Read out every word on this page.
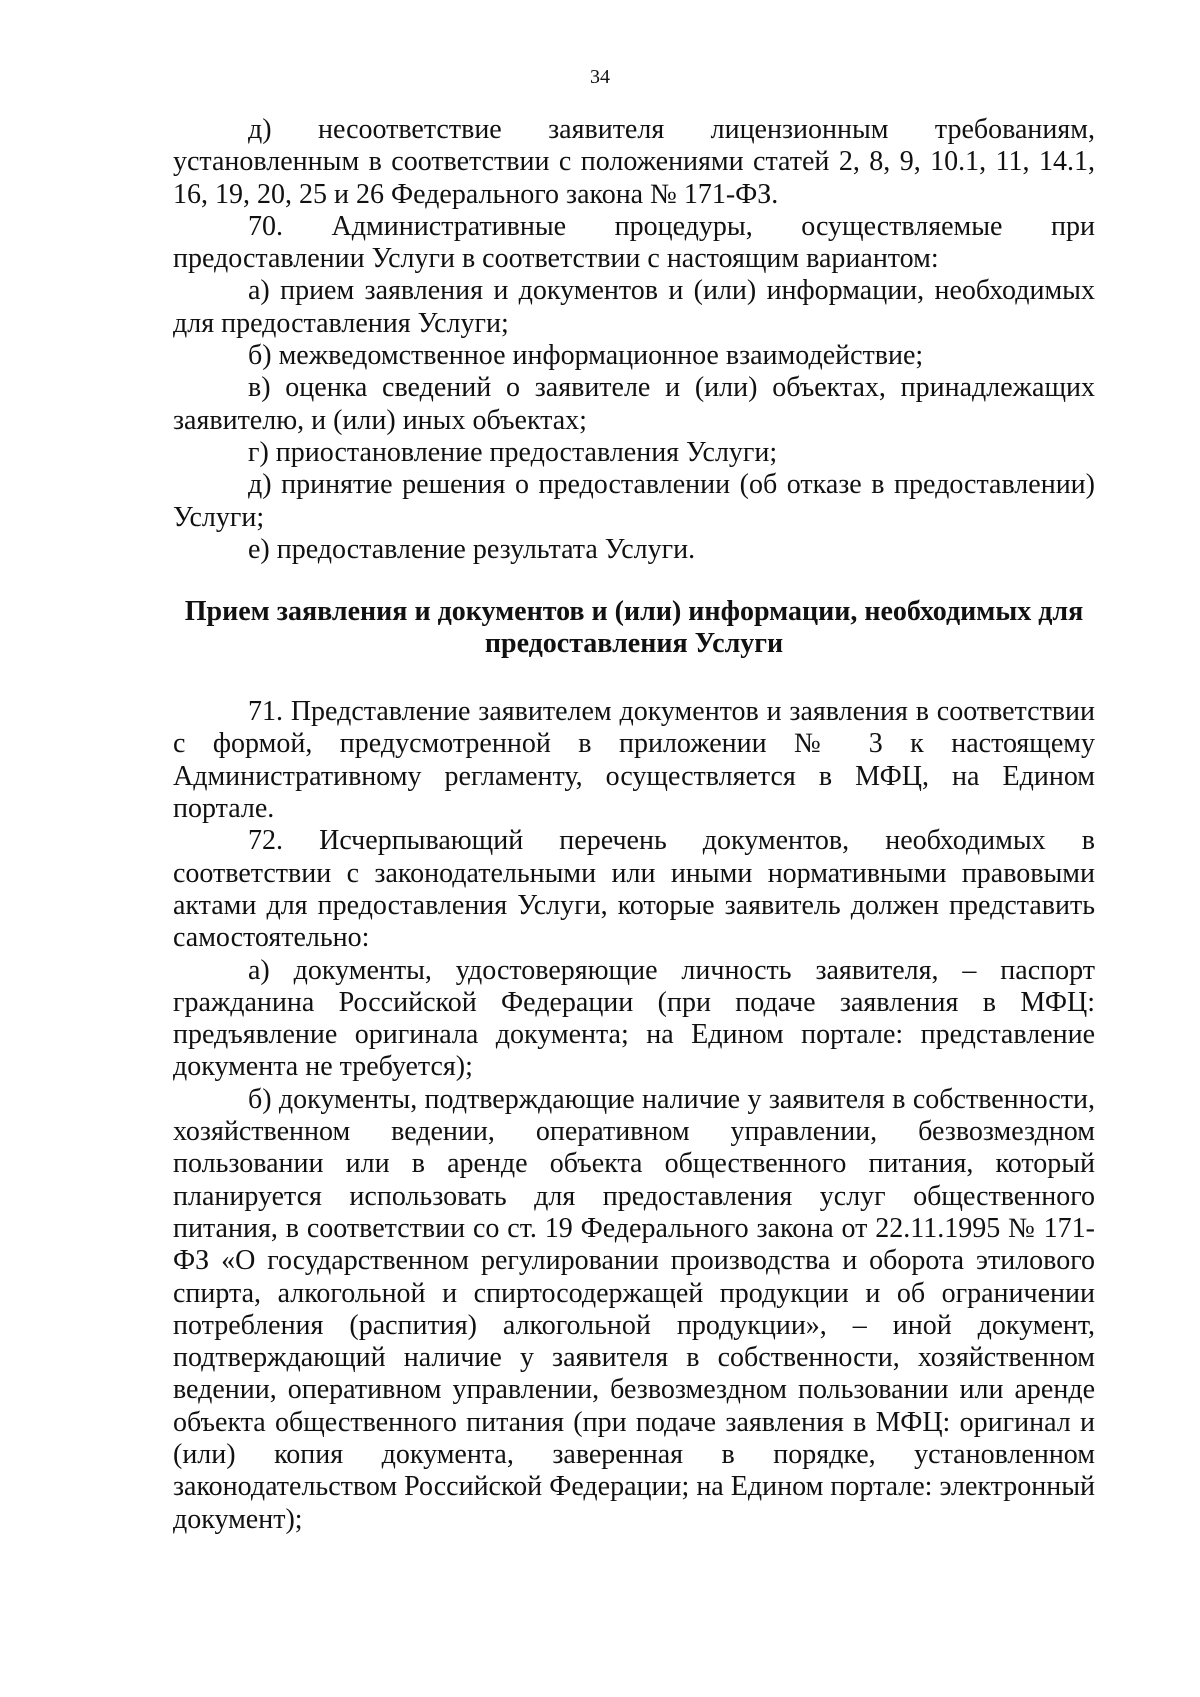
34

д) несоответствие заявителя лицензионным требованиям, установленным в соответствии с положениями статей 2, 8, 9, 10.1, 11, 14.1, 16, 19, 20, 25 и 26 Федерального закона № 171-ФЗ.

70. Административные процедуры, осуществляемые при предоставлении Услуги в соответствии с настоящим вариантом:

а) прием заявления и документов и (или) информации, необходимых для предоставления Услуги;

б) межведомственное информационное взаимодействие;

в) оценка сведений о заявителе и (или) объектах, принадлежащих заявителю, и (или) иных объектах;

г) приостановление предоставления Услуги;

д) принятие решения о предоставлении (об отказе в предоставлении) Услуги;

е) предоставление результата Услуги.

Прием заявления и документов и (или) информации, необходимых для предоставления Услуги

71. Представление заявителем документов и заявления в соответствии с формой, предусмотренной в приложении № 3 к настоящему Административному регламенту, осуществляется в МФЦ, на Едином портале.

72. Исчерпывающий перечень документов, необходимых в соответствии с законодательными или иными нормативными правовыми актами для предоставления Услуги, которые заявитель должен представить самостоятельно:

а) документы, удостоверяющие личность заявителя, – паспорт гражданина Российской Федерации (при подаче заявления в МФЦ: предъявление оригинала документа; на Едином портале: представление документа не требуется);

б) документы, подтверждающие наличие у заявителя в собственности, хозяйственном ведении, оперативном управлении, безвозмездном пользовании или в аренде объекта общественного питания, который планируется использовать для предоставления услуг общественного питания, в соответствии со ст. 19 Федерального закона от 22.11.1995 № 171-ФЗ «О государственном регулировании производства и оборота этилового спирта, алкогольной и спиртосодержащей продукции и об ограничении потребления (распития) алкогольной продукции», – иной документ, подтверждающий наличие у заявителя в собственности, хозяйственном ведении, оперативном управлении, безвозмездном пользовании или аренде объекта общественного питания (при подаче заявления в МФЦ: оригинал и (или) копия документа, заверенная в порядке, установленном законодательством Российской Федерации; на Едином портале: электронный документ);
